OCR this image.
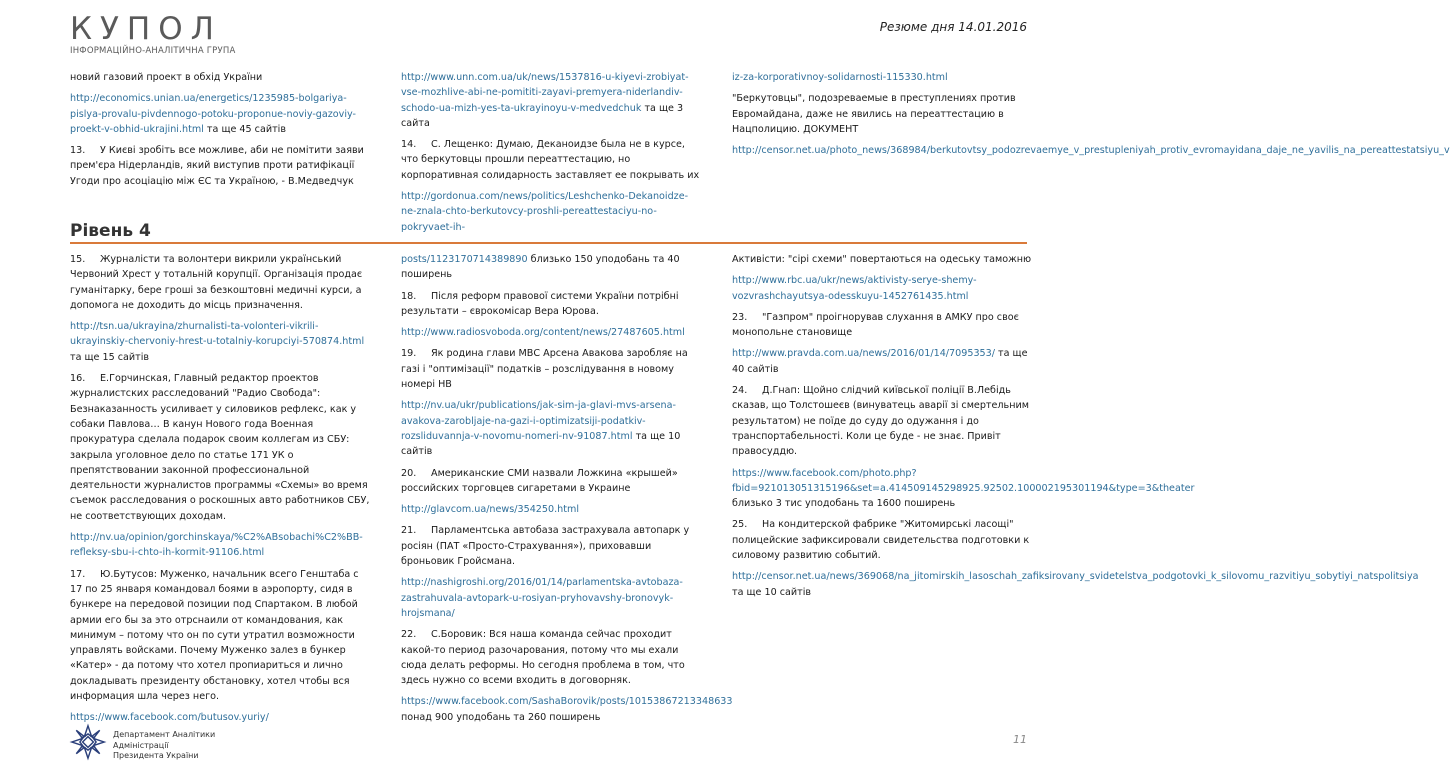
КУПОЛ
ІНФОРМАЦІЙНО-АНАЛІТИЧНА ГРУПА
Резюме дня 14.01.2016

новий газовий проект в обхід України

http://economics.unian.ua/energetics/1235985-bolgariya-pislya-provalu-pivdennogo-potoku-proponue-noviy-gazoviy-proekt-v-obhid-ukrajini.html та ще 45 сайтів

13. У Києві зробіть все можливе, аби не помітити заяви прем'єра Нідерландів, який виступив проти ратифікації Угоди про асоціацію між ЄС та Україною, - В.Медведчук

http://www.unn.com.ua/uk/news/1537816-u-kiyevi-zrobiyat-vse-mozhlive-abi-ne-pomititi-zayavi-premyera-niderlandiv-schodo-ua-mizh-yes-ta-ukrayinoyu-v-medvedchuk та ще 3 сайта

14. С. Лещенко: Думаю, Деканоидзе была не в курсе, что беркутовцы прошли переаттестацию, но корпоративная солидарность заставляет ее покрывать их

http://gordonua.com/news/politics/Leshchenko-Dekanoidze-ne-znala-chto-berkutovcy-proshli-pereattestaciyu-no-pokryvaet-ih-

iz-za-korporativnoy-solidarnosti-115330.html

"Беркутовцы", подозреваемые в преступлениях против Евромайдана, даже не явились на переаттестацию в Нацполицию. ДОКУМЕНТ

http://censor.net.ua/photo_news/368984/berkutovtsy_podozrevaemye_v_prestupleniyah_protiv_evromayidana_daje_ne_yavilis_na_pereattestatsiyu_v

Рівень 4

15. Журналісти та волонтери викрили український Червоний Хрест у тотальній корупції. Організація продає гуманітарку, бере гроші за безкоштовні медичні курси, а допомога не доходить до місць призначення.

http://tsn.ua/ukrayina/zhurnalisti-ta-volonteri-vikrili-ukrayinskiy-chervoniy-hrest-u-totalniy-korupciyi-570874.html та ще 15 сайтів

16. Е.Горчинская, Главный редактор проектов журналистских расследований "Радио Свобода": Безнаказанность усиливает у силовиков рефлекс, как у собаки Павлова… В канун Нового года Военная прокуратура сделала подарок своим коллегам из СБУ: закрыла уголовное дело по статье 171 УК о препятствовании законной профессиональной деятельности журналистов программы «Схемы» во время съемок расследования о роскошных авто работников СБУ, не соответствующих доходам.

http://nv.ua/opinion/gorchinskaya/%C2%ABsobachi%C2%BB-refleksy-sbu-i-chto-ih-kormit-91106.html

17. Ю.Бутусов: Муженко, начальник всего Генштаба с 17 по 25 января командовал боями в аэропорту, сидя в бункере на передовой позиции под Спартаком. В любой армии его бы за это отрснаили от командования, как минимум – потому что он по сути утратил возможности управлять войсками. Почему Муженко залез в бункер «Катер» - да потому что хотел пропиариться и лично докладывать президенту обстановку, хотел чтобы вся информация шла через него.

https://www.facebook.com/butusov.yuriy/

posts/1123170714389890 близько 150 уподобань та 40 поширень

18. Після реформ правової системи України потрібні результати – єврокомісар Вера Юрова.

http://www.radiosvoboda.org/content/news/27487605.html

19. Як родина глави МВС Арсена Авакова заробляє на газі і "оптимізації" податків – розслідування в новому номері НВ

http://nv.ua/ukr/publications/jak-sim-ja-glavi-mvs-arsena-avakova-zarobljaje-na-gazi-i-optimizatsiji-podatkiv-rozsliduvannja-v-novomu-nomeri-nv-91087.html та ще 10 сайтів

20. Американские СМИ назвали Ложкина «крышей» российских торговцев сигаретами в Украине

http://glavcom.ua/news/354250.html

21. Парламентська автобаза застрахувала автопарк у росіян (ПАТ «Просто-Страхування»), приховавши броньовик Гройсмана.

http://nashigroshi.org/2016/01/14/parlamentska-avtobaza-zastrahuvala-avtopark-u-rosiyan-pryhovavshy-bronovyk-hrojsmana/

22. С.Боровик: Вся наша команда сейчас проходит какой-то период разочарования, потому что мы ехали сюда делать реформы. Но сегодня проблема в том, что здесь нужно со всеми входить в договорняк.

https://www.facebook.com/SashaBorovik/posts/10153867213348633 понад 900 уподобань та 260 поширень

Активісти: "сірі схеми" повертаються на одеську таможню

http://www.rbc.ua/ukr/news/aktivisty-serye-shemy-vozvrashchayutsya-odesskuyu-1452761435.html

23. "Газпром" проігнорував слухання в АМКУ про своє монопольне становище

http://www.pravda.com.ua/news/2016/01/14/7095353/ та ще 40 сайтів

24. Д.Гнап: Щойно слідчий київської поліції В.Лебідь сказав, що Толстошеєв (винуватець аварії зі смертельним результатом) не поїде до суду до одужання і до транспортабельності. Коли це буде - не знає. Привіт правосуддю.

https://www.facebook.com/photo.php?fbid=921013051315196&set=a.414509145298925.92502.100002195301194&type=3&theater близько 3 тис уподобань та 1600 поширень

25. На кондитерской фабрике "Житомирські ласощі" полицейские зафиксировали свидетельства подготовки к силовому развитию событий.

http://censor.net.ua/news/369068/na_jitomirskih_lasoschah_zafiksirovany_svidetelstva_podgotovki_k_silovomu_razvitiyu_sobytiyi_natspolitsiya та ще 10 сайтів

Департамент Аналітики
Адміністрації
Президента України
11
